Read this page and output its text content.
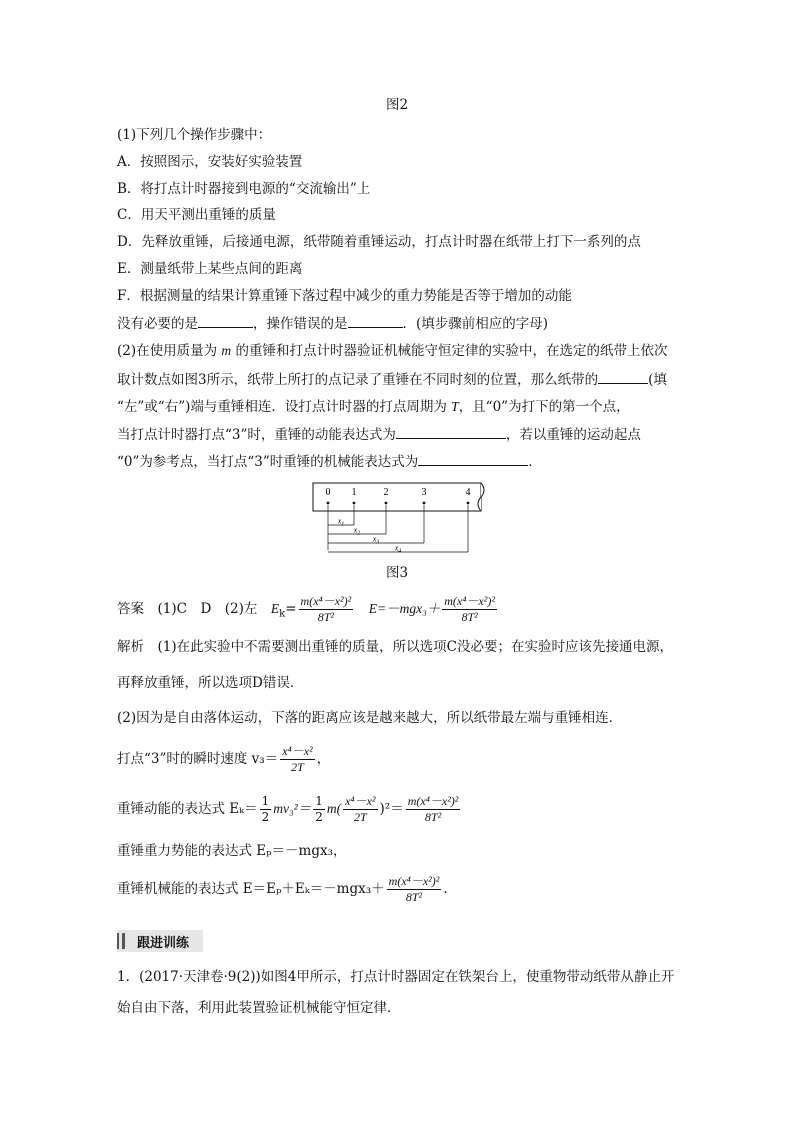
图2
(1)下列几个操作步骤中：
A．按照图示，安装好实验装置
B．将打点计时器接到电源的“交流输出”上
C．用天平测出重锤的质量
D．先释放重锤，后接通电源，纸带随着重锤运动，打点计时器在纸带上打下一系列的点
E．测量纸带上某些点间的距离
F．根据测量的结果计算重锤下落过程中减少的重力势能是否等于增加的动能
没有必要的是	，操作错误的是	．(填步骤前相应的字母)
(2)在使用质量为 m 的重锤和打点计时器验证机械能守恒定律的实验中，在选定的纸带上依次
取计数点如图3所示，纸带上所打的点记录了重锤在不同时刻的位置，那么纸带的	(填
“左”或“右”)端与重锤相连．设打点计时器的打点周期为 T，且“0”为打下的第一个点，
当打点计时器打点“3”时，重锤的动能表达式为	，若以重锤的运动起点
“0”为参考点，当打点“3”时重锤的机械能表达式为	．
0 1	2	3	4
$x_1$
$x_2$
$x_3$
$x_4$
图3
答案　 (1)C　D　(2)左　$E_k= \frac{\text{m(x⁴－x²)²}}{\text{8T²}}$
　 $E=-mgx_3+ \frac{\text{m(x⁴－x²)²}}{\text{8T²}}$
解析　 (1)在此实验中不需要测出重锤的质量，所以选项C没必要；在实验时应该先接通电源，
再释放重锤，所以选项D错误．
(2)因为是自由落体运动，下落的距离应该是越来越大，所以纸带最左端与重锤相连．
打点“3”时的瞬时速度 $v_3= \frac{\text{x⁴－x²}}{2T}$ ，
重锤动能的表达式 $E_k= \frac{1}{2} mv_3^2= \frac{1}{2} m( \frac{\text{x⁴－x²}}{2T} )^2= \frac{\text{m(x⁴－x²)²}}{\text{8T²}}$
重锤重力势能的表达式 Eₚ＝－mgx₃，
重锤机械能的表达式 $E=E_p+E_k=-mgx_3+ \frac{\text{m(x⁴－x²)²}}{\text{8T²}}$ .
跟进训练
1．(2017·天津卷·9(2))如图4甲所示，打点计时器固定在铁架台上，使重物带动纸带从静止开
始自由下落，利用此装置验证机械能守恒定律．
